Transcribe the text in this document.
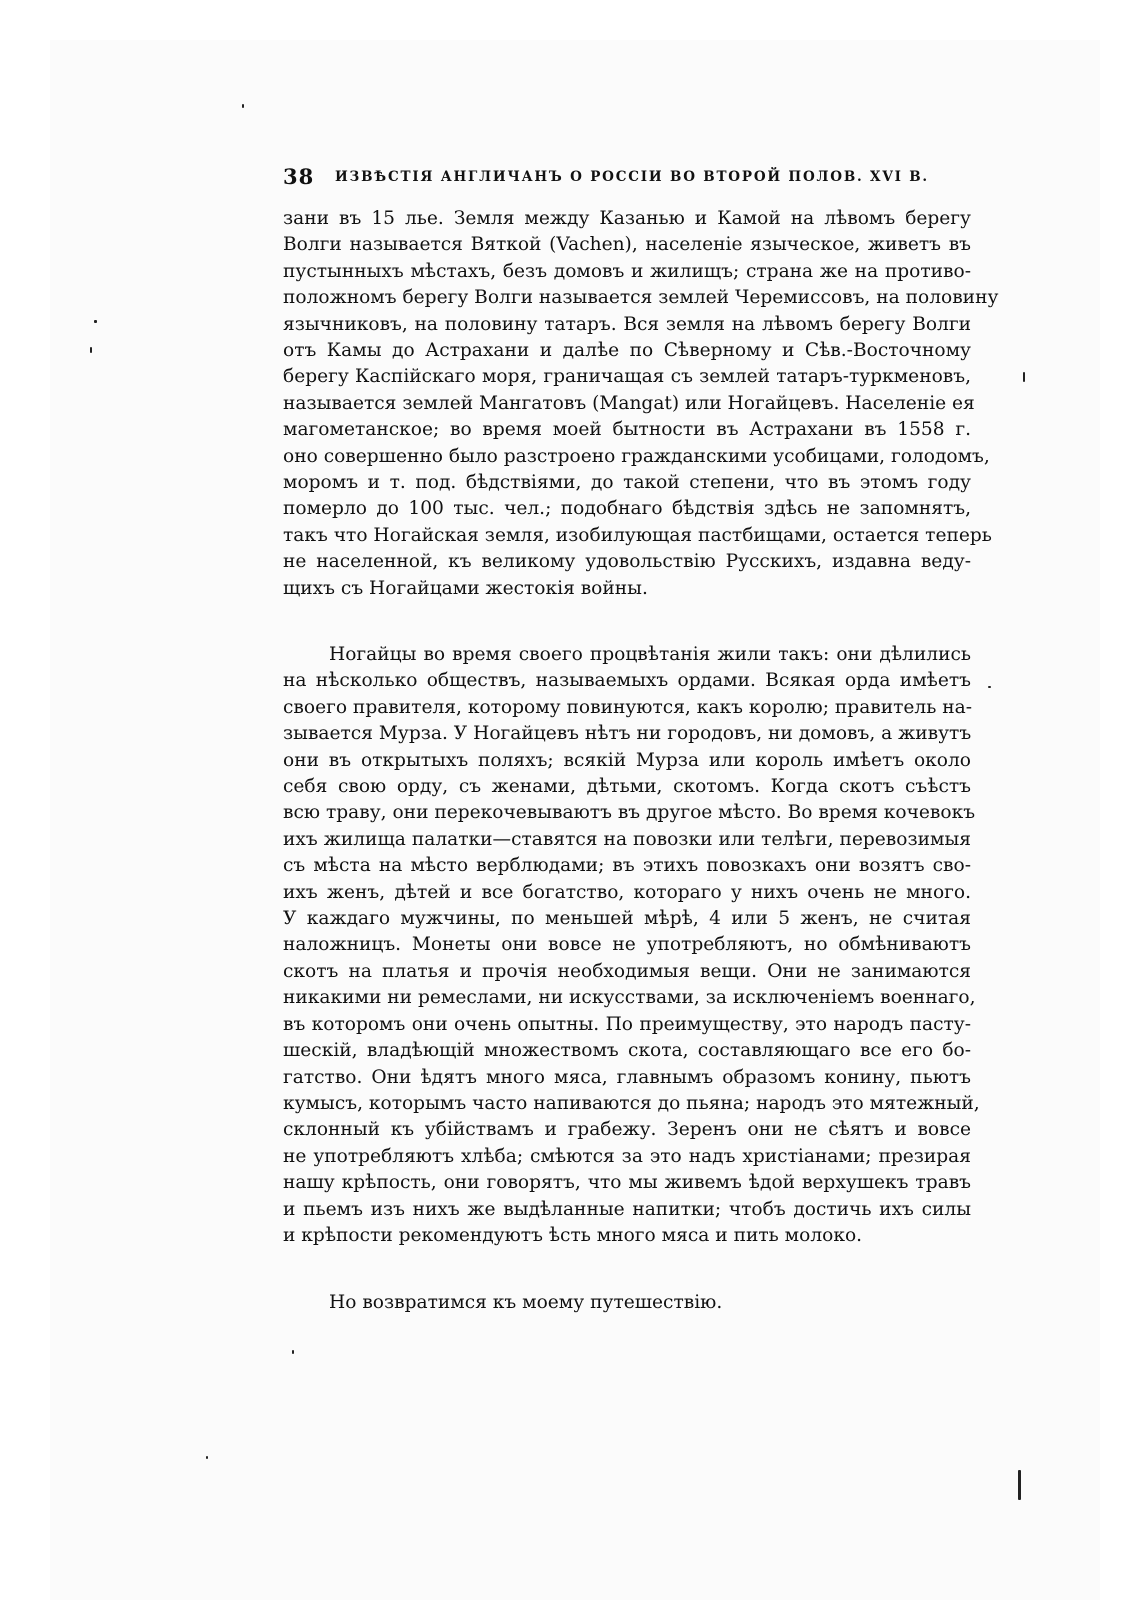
38 ИЗВѢСТІЯ АНГЛИЧАНЪ О РОССІИ ВО ВТОРОЙ ПОЛОВ. XVI В.
зани въ 15 лье. Земля между Казанью и Камой на лѣвомъ берегу
Волги называется Вяткой (Vachen), населеніе языческое, живетъ въ
пустынныхъ мѣстахъ, безъ домовъ и жилищъ; страна же на противо-
положномъ берегу Волги называется землей Черемиссовъ, на половину
язычниковъ, на половину татаръ. Вся земля на лѣвомъ берегу Волги
отъ Камы до Астрахани и далѣе по Сѣверному и Сѣв.-Восточному
берегу Каспійскаго моря, граничащая съ землей татаръ-туркменовъ,
называется землей Мангатовъ (Mangat) или Ногайцевъ. Населеніе ея
магометанское; во время моей бытности въ Астрахани въ 1558 г.
оно совершенно было разстроено гражданскими усобицами, голодомъ,
моромъ и т. под. бѣдствіями, до такой степени, что въ этомъ году
померло до 100 тыс. чел.; подобнаго бѣдствія здѣсь не запомнятъ,
такъ что Ногайская земля, изобилующая пастбищами, остается теперь
не населенной, къ великому удовольствію Русскихъ, издавна веду-
щихъ съ Ногайцами жестокія войны.
Ногайцы во время своего процвѣтанія жили такъ: они дѣлились
на нѣсколько обществъ, называемыхъ ордами. Всякая орда имѣетъ
своего правителя, которому повинуются, какъ королю; правитель на-
зывается Мурза. У Ногайцевъ нѣтъ ни городовъ, ни домовъ, а живутъ
они въ открытыхъ поляхъ; всякій Мурза или король имѣетъ около
себя свою орду, съ женами, дѣтьми, скотомъ. Когда скотъ съѣстъ
всю траву, они перекочевываютъ въ другое мѣсто. Во время кочевокъ
ихъ жилища палатки—ставятся на повозки или телѣги, перевозимыя
съ мѣста на мѣсто верблюдами; въ этихъ повозкахъ они возятъ сво-
ихъ женъ, дѣтей и все богатство, котораго у нихъ очень не много.
У каждаго мужчины, по меньшей мѣрѣ, 4 или 5 женъ, не считая
наложницъ. Монеты они вовсе не употребляютъ, но обмѣниваютъ
скотъ на платья и прочія необходимыя вещи. Они не занимаются
никакими ни ремеслами, ни искусствами, за исключеніемъ военнаго,
въ которомъ они очень опытны. По преимуществу, это народъ пасту-
шескій, владѣющій множествомъ скота, составляющаго все его бо-
гатство. Они ѣдятъ много мяса, главнымъ образомъ конину, пьютъ
кумысъ, которымъ часто напиваются до пьяна; народъ это мятежный,
склонный къ убійствамъ и грабежу. Зеренъ они не сѣятъ и вовсе
не употребляютъ хлѣба; смѣются за это надъ христіанами; презирая
нашу крѣпость, они говорятъ, что мы живемъ ѣдой верхушекъ травъ
и пьемъ изъ нихъ же выдѣланные напитки; чтобъ достичь ихъ силы
и крѣпости рекомендуютъ ѣсть много мяса и пить молоко.
Но возвратимся къ моему путешествію.
